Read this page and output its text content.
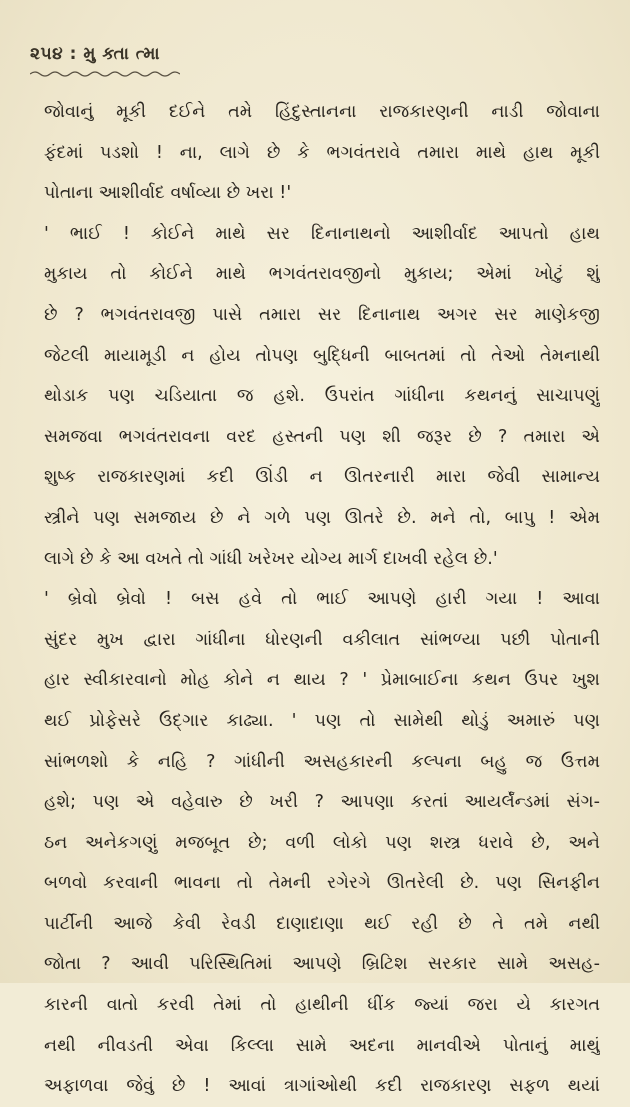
૨૫૪ : મુ ક્તા ત્મા
જોવાનું મૂકી દઈને તમે હિંદુસ્તાનના રાજકારણની નાડી જોવાના
ફંદમાં પડશો ! ના, લાગે છે કે ભગવંતરાવે તમારા માથે હાથ મૂકી
પોતાના આશીર્વાદ વર્ષાવ્યા છે ખરા !'
' ભાઈ ! કોઈને માથે સર દિનાનાથનો આશીર્વાદ આપતો હાથ
મુકાય તો કોઈને માથે ભગવંતરાવજીનો મુકાય; એમાં ખોટું શું
છે ? ભગવંતરાવજી પાસે તમારા સર દિનાનાથ અગર સર માણેકજી
જેટલી માયામૂડી ન હોય તોપણ બુદ્ધિની બાબતમાં તો તેઓ તેમનાથી
થોડાક પણ ચડિયાતા જ હશે. ઉપરાંત ગાંધીના કથનનું સાચાપણું
સમજવા ભગવંતરાવના વરદ હસ્તની પણ શી જરૂર છે ? તમારા એ
શુષ્ક રાજકારણમાં કદી ઊંડી ન ઊતરનારી મારા જેવી સામાન્ય
સ્ત્રીને પણ સમજાય છે ને ગળે પણ ઊતરે છે. મને તો, બાપુ ! એમ
લાગે છે કે આ વખતે તો ગાંધી ખરેખર યોગ્ય માર્ગ દાખવી રહેલ છે.'
' બ્રેવો બ્રેવો ! બસ હવે તો ભાઈ આપણે હારી ગયા ! આવા
સુંદર મુખ દ્વારા ગાંધીના ધોરણની વકીલાત સાંભળ્યા પછી પોતાની
હાર સ્વીકારવાનો મોહ કોને ન થાય ? ' પ્રેમાબાઈના કથન ઉપર ખુશ
થઈ પ્રોફેસરે ઉદ્ગાર કાઢ્યા. ' પણ તો સામેથી થોડું અમારું પણ
સાંભળશો કે નહિ ? ગાંધીની અસહકારની કલ્પના બહુ જ ઉત્તમ
હશે; પણ એ વહેવારુ છે ખરી ? આપણા કરતાં આયર્લૅન્ડમાં સંગ-
ઠન અનેકગણું મજબૂત છે; વળી લોકો પણ શસ્ત્ર ધરાવે છે, અને
બળવો કરવાની ભાવના તો તેમની રગેરગે ઊતરેલી છે. પણ સિનફીન
પાર્ટીની આજે કેવી રેવડી દાણાદાણા થઈ રહી છે તે તમે નથી
જોતા ? આવી પરિસ્થિતિમાં આપણે બ્રિટિશ સરકાર સામે અસહ-
કારની વાતો કરવી તેમાં તો હાથીની ધીંક જ્યાં જરા યે કારગત
નથી નીવડતી એવા કિલ્લા સામે અદના માનવીએ પોતાનું માથું
અફાળવા જેવું છે ! આવાં ત્રાગાંઓથી કદી રાજકારણ સફળ થયાં
